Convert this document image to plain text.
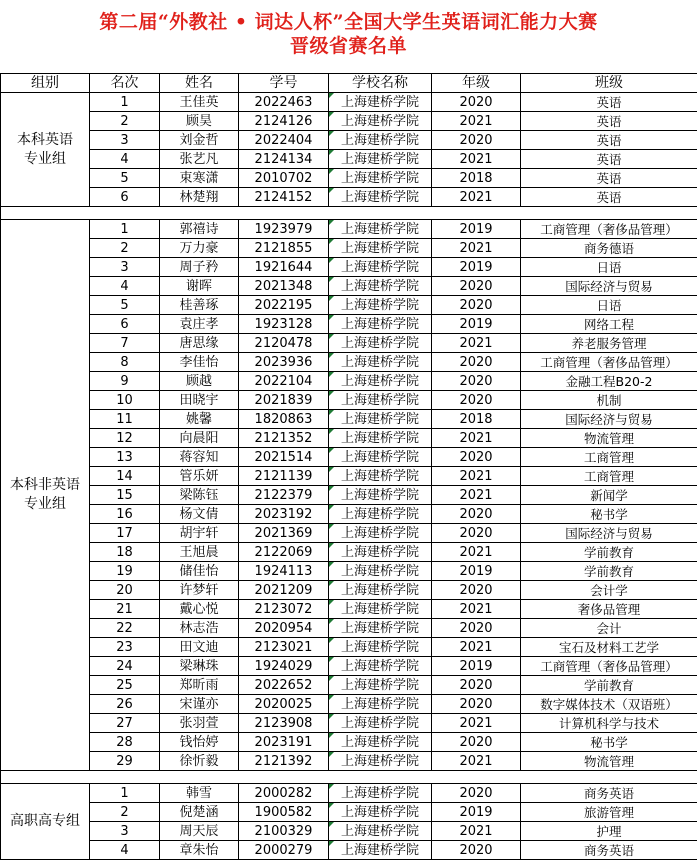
第二届“外教社 • 词达人杯”全国大学生英语词汇能力大赛
晋级省赛名单
组别	名次	姓名	学号	学校名称	年级	班级
本科英语
专业组	1	王佳英	2022463	上海建桥学院	2020	英语
	2	顾昊	2124126	上海建桥学院	2021	英语
	3	刘金哲	2022404	上海建桥学院	2020	英语
	4	张艺凡	2124134	上海建桥学院	2021	英语
	5	束寒潇	2010702	上海建桥学院	2018	英语
	6	林楚翔	2124152	上海建桥学院	2021	英语

本科非英语
专业组	1	郭禧诗	1923979	上海建桥学院	2019	工商管理（奢侈品管理）
	2	万力豪	2121855	上海建桥学院	2021	商务德语
	3	周子矜	1921644	上海建桥学院	2019	日语
	4	谢晖	2021348	上海建桥学院	2020	国际经济与贸易
	5	桂善琢	2022195	上海建桥学院	2020	日语
	6	袁庄孝	1923128	上海建桥学院	2019	网络工程
	7	唐思缘	2120478	上海建桥学院	2021	养老服务管理
	8	李佳怡	2023936	上海建桥学院	2020	工商管理（奢侈品管理）
	9	顾越	2022104	上海建桥学院	2020	金融工程B20-2
	10	田晓宇	2021839	上海建桥学院	2020	机制
	11	姚馨	1820863	上海建桥学院	2018	国际经济与贸易
	12	向晨阳	2121352	上海建桥学院	2021	物流管理
	13	蒋容知	2021514	上海建桥学院	2020	工商管理
	14	管乐妍	2121139	上海建桥学院	2021	工商管理
	15	梁陈钰	2122379	上海建桥学院	2021	新闻学
	16	杨文倩	2023192	上海建桥学院	2020	秘书学
	17	胡宇轩	2021369	上海建桥学院	2020	国际经济与贸易
	18	王旭晨	2122069	上海建桥学院	2021	学前教育
	19	储佳怡	1924113	上海建桥学院	2019	学前教育
	20	许梦轩	2021209	上海建桥学院	2020	会计学
	21	戴心悦	2123072	上海建桥学院	2021	奢侈品管理
	22	林志浩	2020954	上海建桥学院	2020	会计
	23	田文迪	2123021	上海建桥学院	2021	宝石及材料工艺学
	24	梁琳珠	1924029	上海建桥学院	2019	工商管理（奢侈品管理）
	25	郑昕雨	2022652	上海建桥学院	2020	学前教育
	26	宋谨亦	2020025	上海建桥学院	2020	数字媒体技术（双语班）
	27	张羽萱	2123908	上海建桥学院	2021	计算机科学与技术
	28	钱怡婷	2023191	上海建桥学院	2020	秘书学
	29	徐忻毅	2121392	上海建桥学院	2021	物流管理

高职高专组	1	韩雪	2000282	上海建桥学院	2020	商务英语
	2	倪楚涵	1900582	上海建桥学院	2019	旅游管理
	3	周天辰	2100329	上海建桥学院	2021	护理
	4	章朱怡	2000279	上海建桥学院	2020	商务英语
